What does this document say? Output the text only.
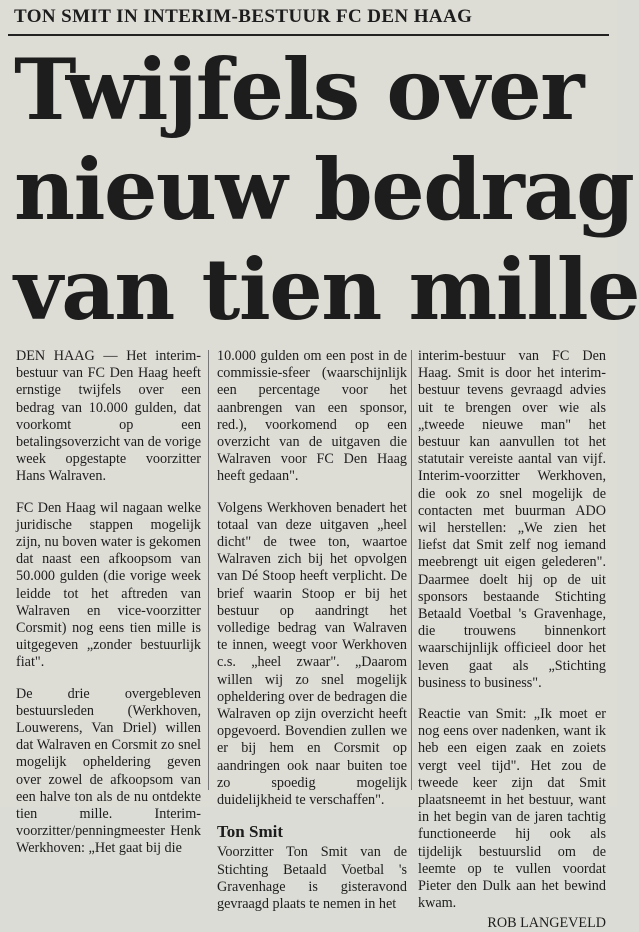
TON SMIT IN INTERIM-BESTUUR FC DEN HAAG
Twijfels over
nieuw bedrag
van tien mille

DEN HAAG — Het interim-bestuur van FC Den Haag heeft ernstige twijfels over een bedrag van 10.000 gulden, dat voorkomt op een betalingsoverzicht van de vorige week opgestapte voorzitter Hans Walraven.

FC Den Haag wil nagaan welke juridische stappen mogelijk zijn, nu boven water is gekomen dat naast een afkoopsom van 50.000 gulden (die vorige week leidde tot het aftreden van Walraven en vice-voorzitter Corsmit) nog eens tien mille is uitgegeven „zonder bestuurlijk fiat".

De drie overgebleven bestuursleden (Werkhoven, Louwerens, Van Driel) willen dat Walraven en Corsmit zo snel mogelijk opheldering geven over zowel de afkoopsom van een halve ton als de nu ontdekte tien mille. Interim-voorzitter/penningmeester Henk Werkhoven: „Het gaat bij die

10.000 gulden om een post in de commissie-sfeer (waarschijnlijk een percentage voor het aanbrengen van een sponsor, red.), voorkomend op een overzicht van de uitgaven die Walraven voor FC Den Haag heeft gedaan".

Volgens Werkhoven benadert het totaal van deze uitgaven „heel dicht" de twee ton, waartoe Walraven zich bij het opvolgen van Dé Stoop heeft verplicht. De brief waarin Stoop er bij het bestuur op aandringt het volledige bedrag van Walraven te innen, weegt voor Werkhoven c.s. „heel zwaar". „Daarom willen wij zo snel mogelijk opheldering over de bedragen die Walraven op zijn overzicht heeft opgevoerd. Bovendien zullen we er bij hem en Corsmit op aandringen ook naar buiten toe zo spoedig mogelijk duidelijkheid te verschaffen".

Ton Smit

Voorzitter Ton Smit van de Stichting Betaald Voetbal 's Gravenhage is gisteravond gevraagd plaats te nemen in het

interim-bestuur van FC Den Haag. Smit is door het interim-bestuur tevens gevraagd advies uit te brengen over wie als „tweede nieuwe man" het bestuur kan aanvullen tot het statutair vereiste aantal van vijf. Interim-voorzitter Werkhoven, die ook zo snel mogelijk de contacten met buurman ADO wil herstellen: „We zien het liefst dat Smit zelf nog iemand meebrengt uit eigen gelederen". Daarmee doelt hij op de uit sponsors bestaande Stichting Betaald Voetbal 's Gravenhage, die trouwens binnenkort waarschijnlijk officieel door het leven gaat als „Stichting business to business".

Reactie van Smit: „Ik moet er nog eens over nadenken, want ik heb een eigen zaak en zoiets vergt veel tijd". Het zou de tweede keer zijn dat Smit plaatsneemt in het bestuur, want in het begin van de jaren tachtig functioneerde hij ook als tijdelijk bestuurslid om de leemte op te vullen voordat Pieter den Dulk aan het bewind kwam.

ROB LANGEVELD
